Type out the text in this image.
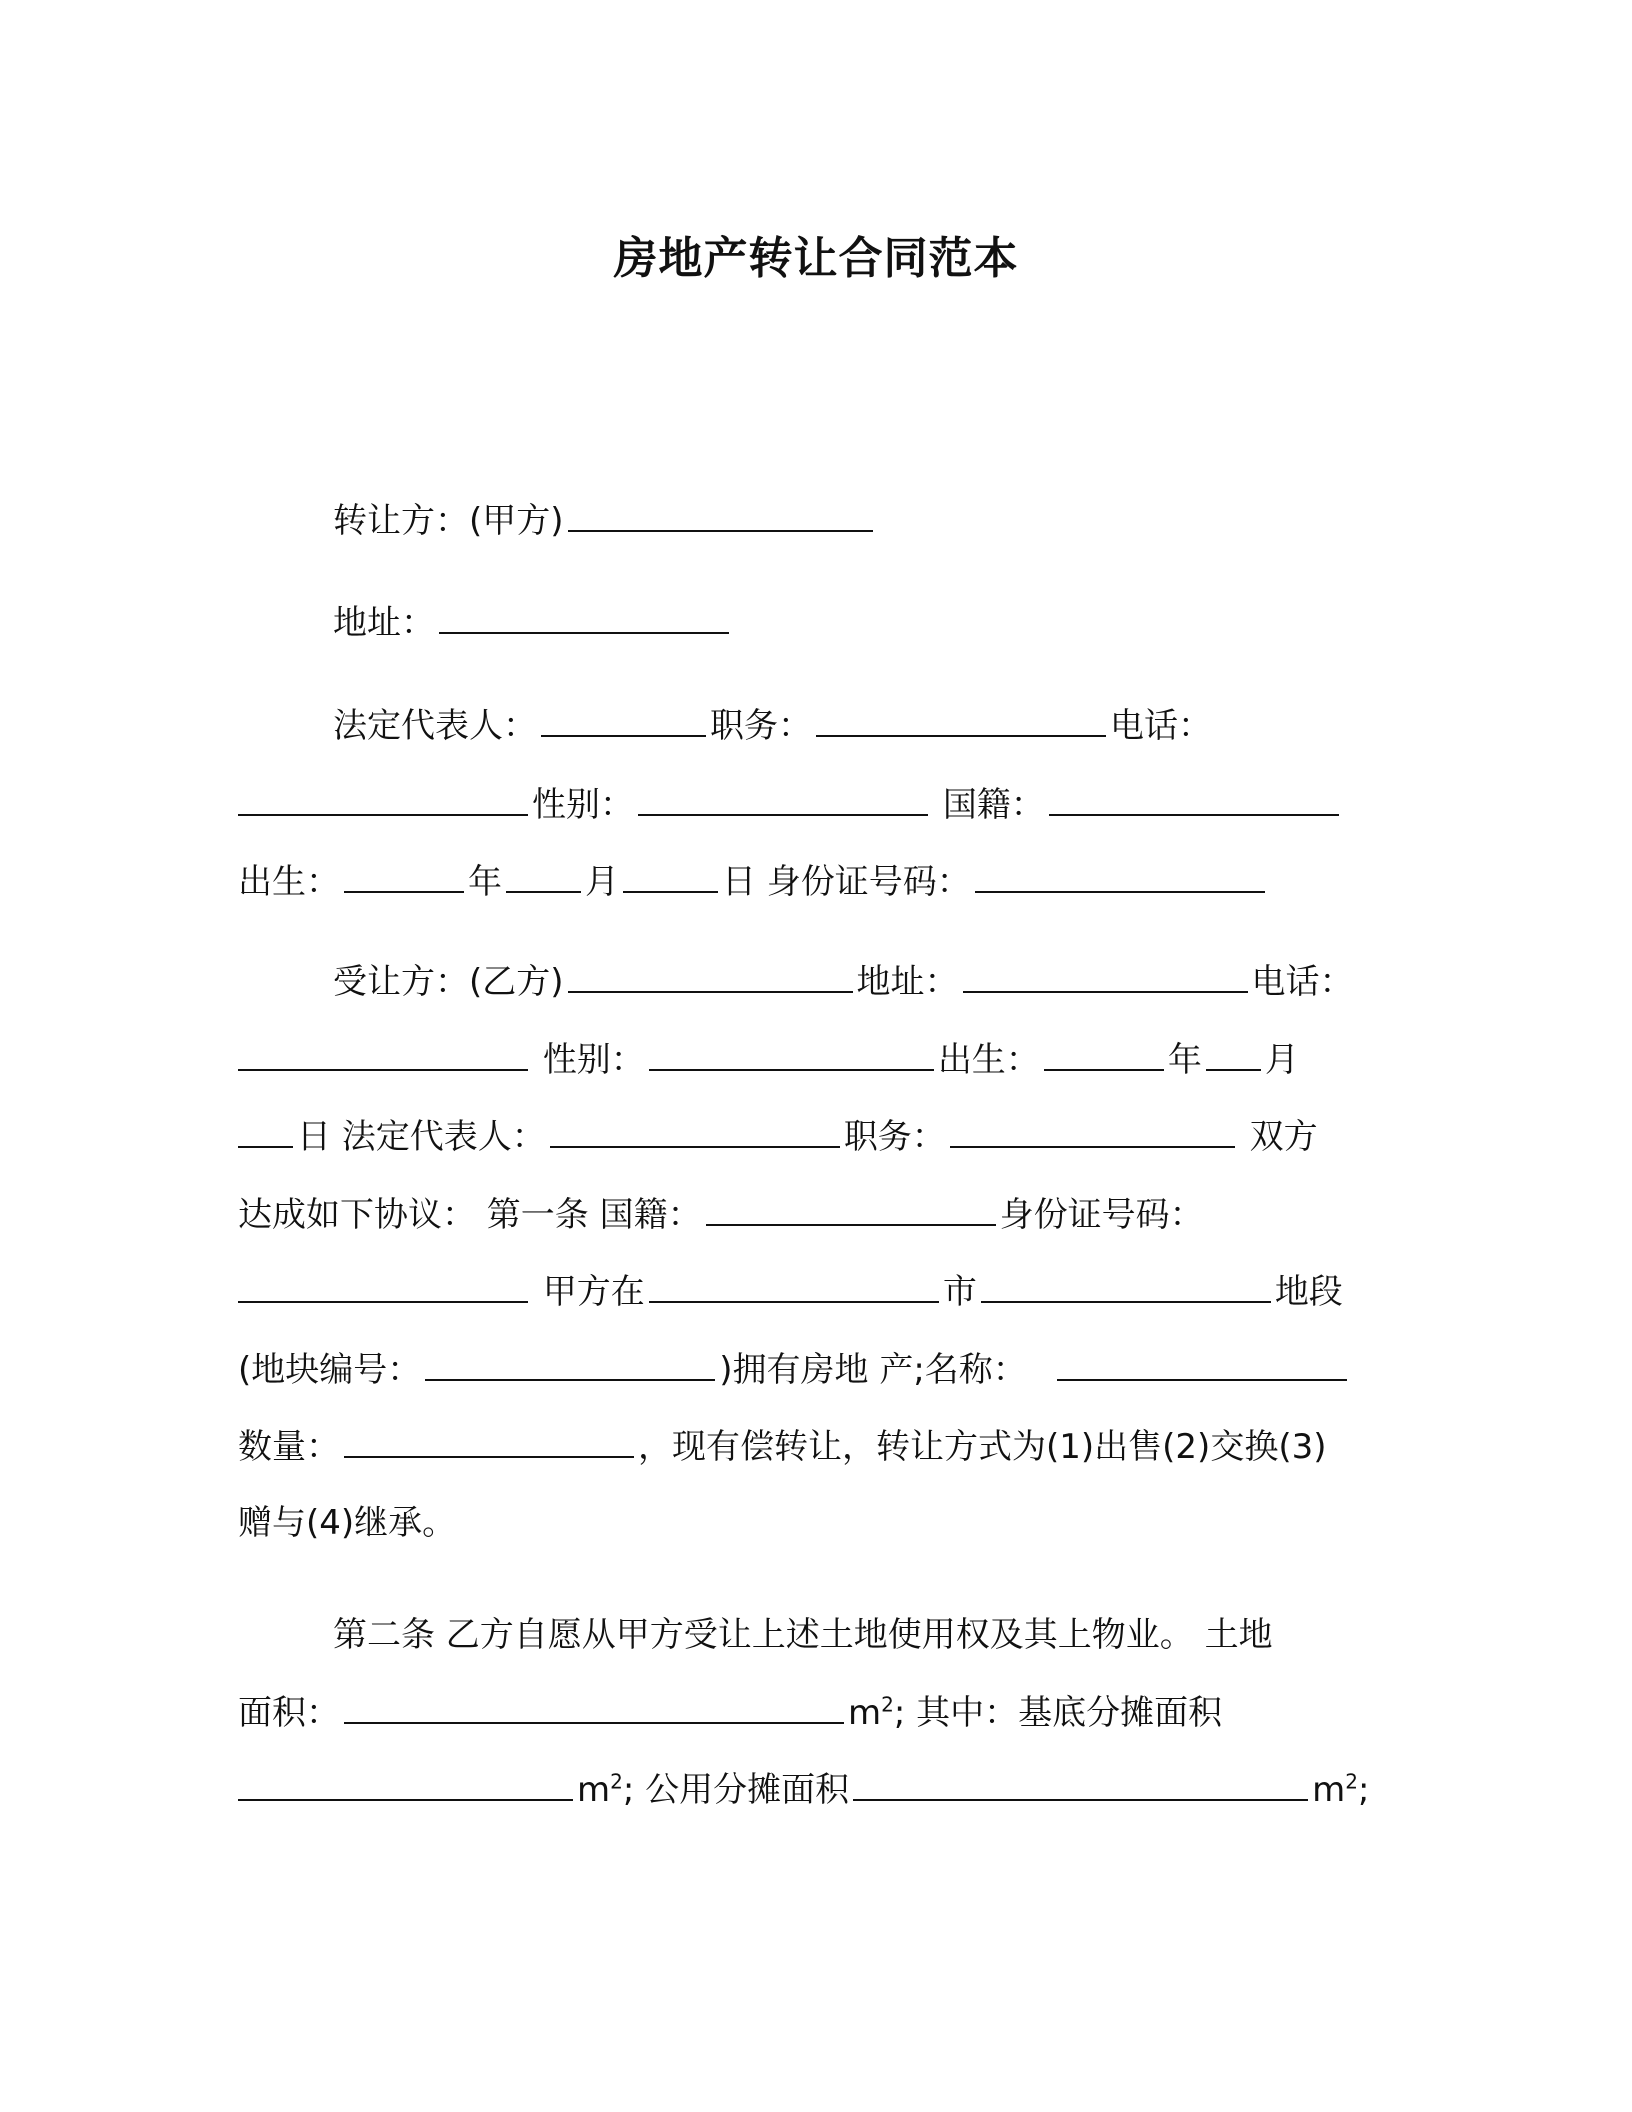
房地产转让合同范本
转让方：(甲方)
地址：
法定代表人：	职务：	电话：
性别：	国籍：
出生：	年 月	日 身份证号码：
受让方：(乙方)	地址：	电话：
性别：	出生：	年 月
日 法定代表人：	职务：	双方
达成如下协议： 第一条 国籍：	身份证号码：
甲方在	市	地段
(地块编号：	)拥有房地 产;名称：
数量：	，现有偿转让，转让方式为(1)出售(2)交换(3)
赠与(4)继承。
第二条 乙方自愿从甲方受让上述土地使用权及其上物业。 土地
面积：	$m^2$; 其中：基底分摊面积
$m^2$; 公用分摊面积	$m^2$;
